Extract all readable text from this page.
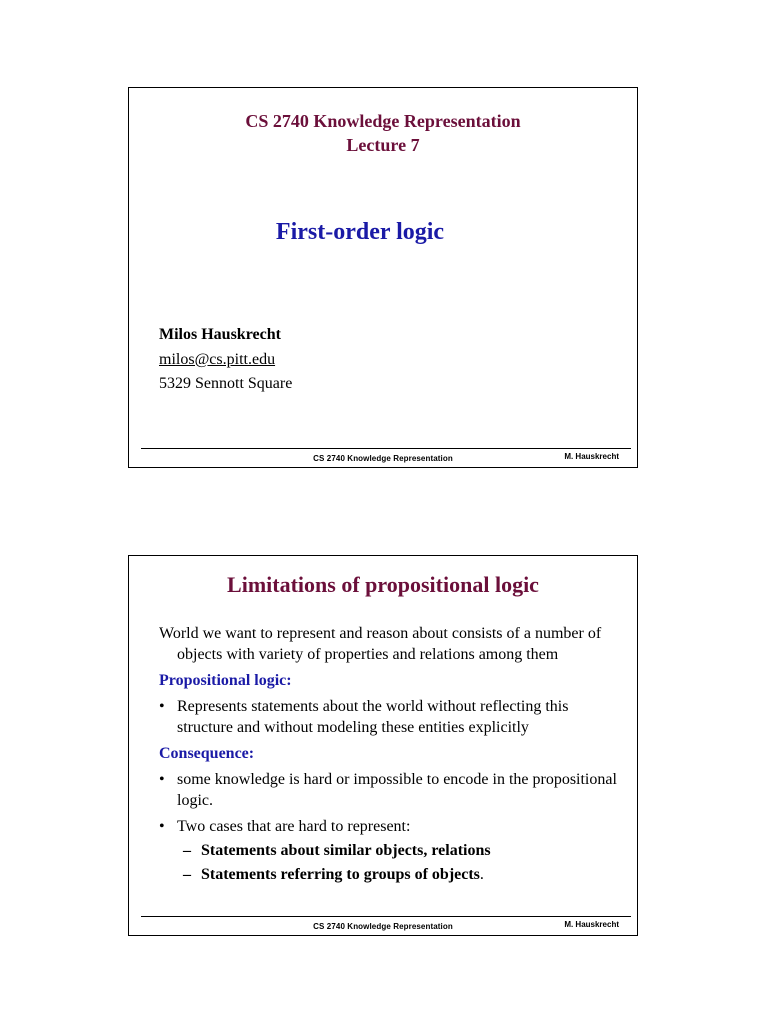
CS 2740 Knowledge Representation
Lecture 7
First-order logic
Milos Hauskrecht
milos@cs.pitt.edu
5329 Sennott Square
CS 2740 Knowledge Representation	M. Hauskrecht
Limitations of propositional logic

World we want to represent and reason about consists of a number of objects with variety of properties and relations among them

Propositional logic:
• Represents statements about the world without reflecting this structure and without modeling these entities explicitly
Consequence:
• some knowledge is hard or impossible to encode in the propositional logic.
• Two cases that are hard to represent:
– Statements about similar objects, relations
– Statements referring to groups of objects.
CS 2740 Knowledge Representation	M. Hauskrecht
